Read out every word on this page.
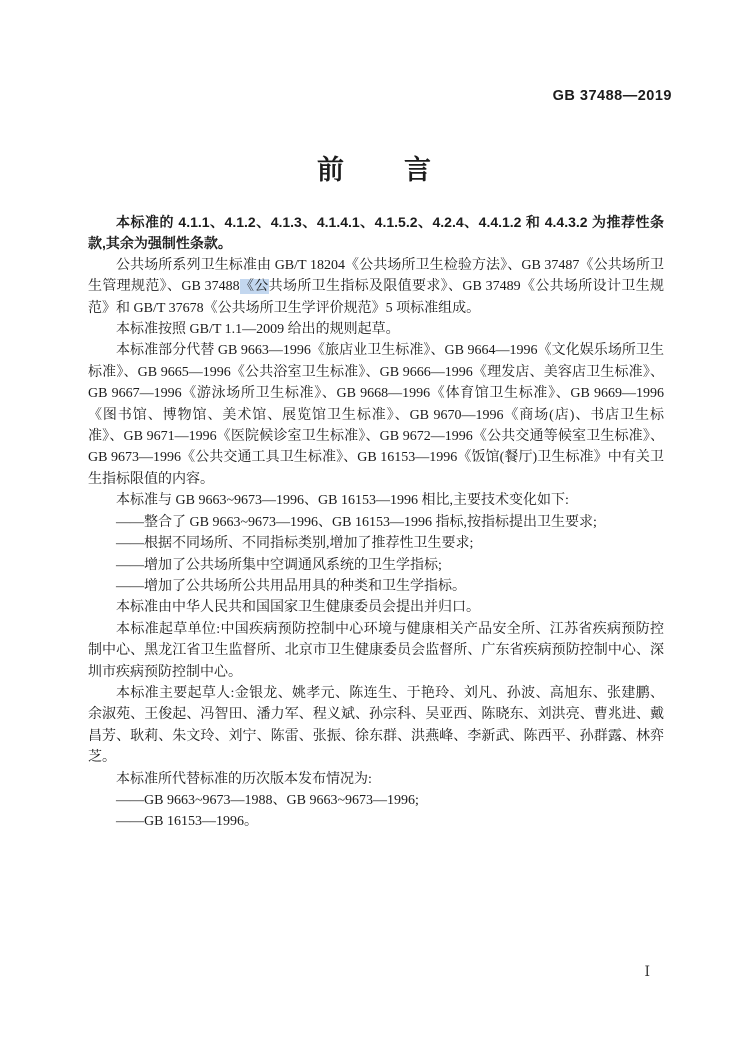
GB 37488—2019
前　　言

本标准的 4.1.1、4.1.2、4.1.3、4.1.4.1、4.1.5.2、4.2.4、4.4.1.2 和 4.4.3.2 为推荐性条款,其余为强制性条款。

公共场所系列卫生标准由 GB/T 18204《公共场所卫生检验方法》、GB 37487《公共场所卫生管理规范》、GB 37488《公共场所卫生指标及限值要求》、GB 37489《公共场所设计卫生规范》和 GB/T 37678《公共场所卫生学评价规范》5 项标准组成。

本标准按照 GB/T 1.1—2009 给出的规则起草。

本标准部分代替 GB 9663—1996《旅店业卫生标准》、GB 9664—1996《文化娱乐场所卫生标准》、GB 9665—1996《公共浴室卫生标准》、GB 9666—1996《理发店、美容店卫生标准》、GB 9667—1996《游泳场所卫生标准》、GB 9668—1996《体育馆卫生标准》、GB 9669—1996《图书馆、博物馆、美术馆、展览馆卫生标准》、GB 9670—1996《商场(店)、书店卫生标准》、GB 9671—1996《医院候诊室卫生标准》、GB 9672—1996《公共交通等候室卫生标准》、GB 9673—1996《公共交通工具卫生标准》、GB 16153—1996《饭馆(餐厅)卫生标准》中有关卫生指标限值的内容。

本标准与 GB 9663~9673—1996、GB 16153—1996 相比,主要技术变化如下:

——整合了 GB 9663~9673—1996、GB 16153—1996 指标,按指标提出卫生要求;

——根据不同场所、不同指标类别,增加了推荐性卫生要求;

——增加了公共场所集中空调通风系统的卫生学指标;

——增加了公共场所公共用品用具的种类和卫生学指标。

本标准由中华人民共和国国家卫生健康委员会提出并归口。

本标准起草单位:中国疾病预防控制中心环境与健康相关产品安全所、江苏省疾病预防控制中心、黑龙江省卫生监督所、北京市卫生健康委员会监督所、广东省疾病预防控制中心、深圳市疾病预防控制中心。

本标准主要起草人:金银龙、姚孝元、陈连生、于艳玲、刘凡、孙波、高旭东、张建鹏、余淑苑、王俊起、冯智田、潘力军、程义斌、孙宗科、吴亚西、陈晓东、刘洪亮、曹兆进、戴昌芳、耿莉、朱文玲、刘宁、陈雷、张振、徐东群、洪燕峰、李新武、陈西平、孙群露、林弈芝。

本标准所代替标准的历次版本发布情况为:

——GB 9663~9673—1988、GB 9663~9673—1996;

——GB 16153—1996。

Ⅰ
